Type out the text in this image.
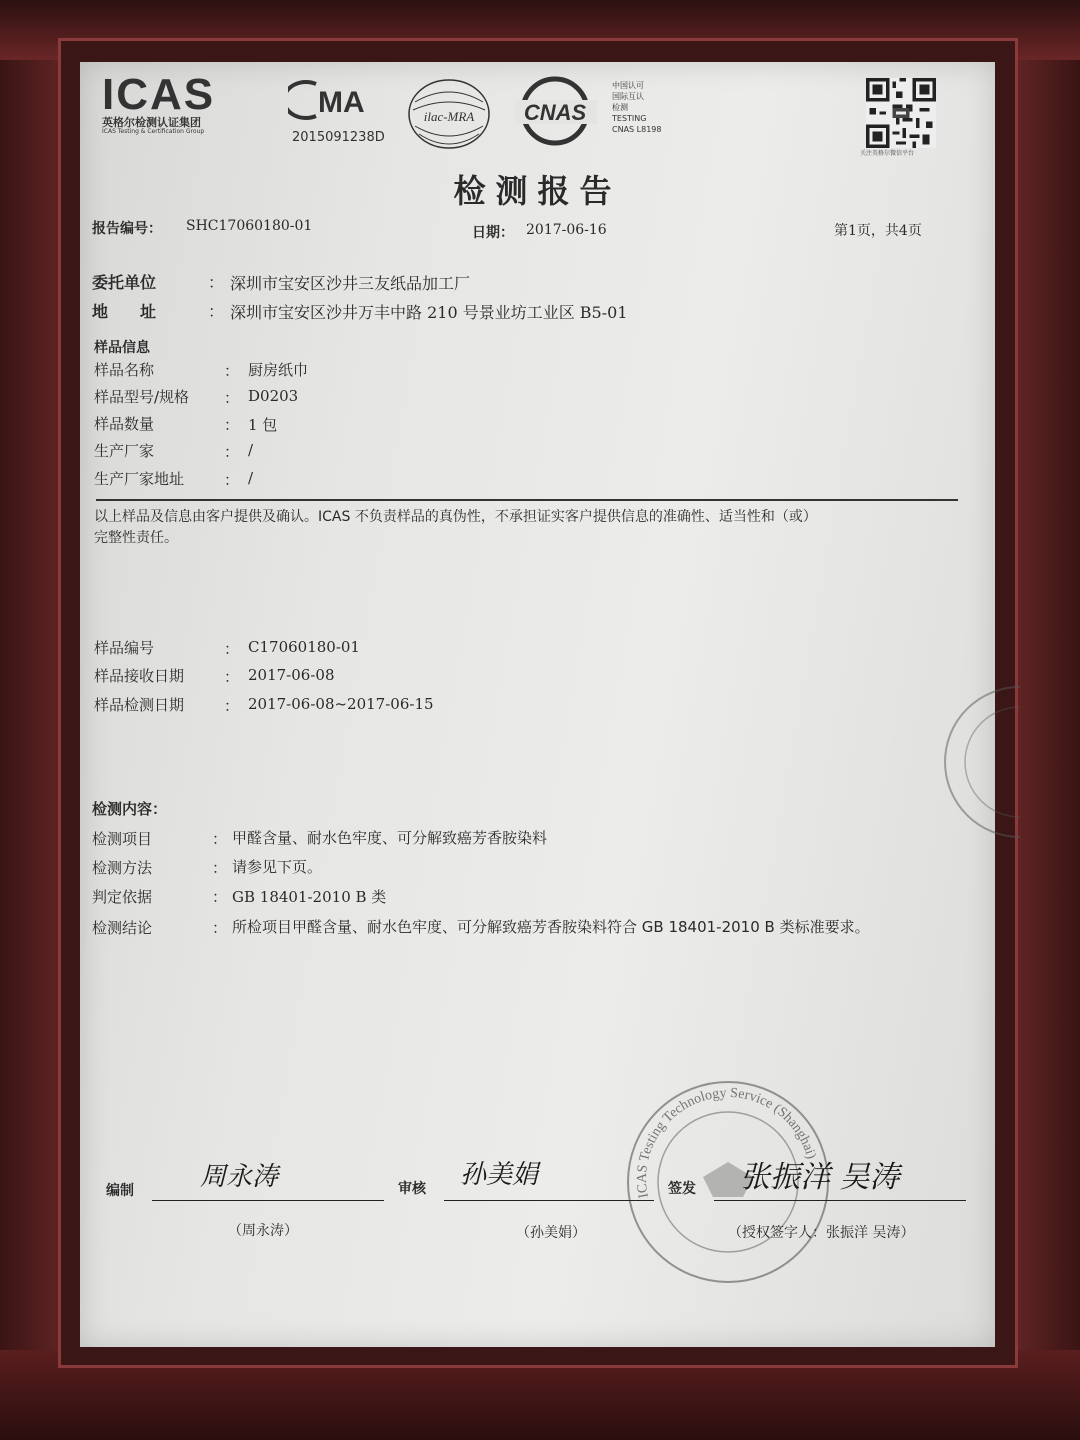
ICAS
英格尔检测认证集团
ICAS Testing & Certification Group
MA
2015091238D
ilac-MRA CNAS
中国认可
国际互认
检测
TESTING
CNAS L8198
关注英格尔微信平台
检测报告
报告编号： SHC17060180-01	日期： 2017-06-16	第1页，共4页
委托单位	： 深圳市宝安区沙井三友纸品加工厂
地　　址	： 深圳市宝安区沙井万丰中路 210 号景业坊工业区 B5-01
样品信息
样品名称	： 厨房纸巾
样品型号/规格 ： D0203
样品数量	： 1 包
生产厂家	： /
生产厂家地址	： /
以上样品及信息由客户提供及确认。ICAS 不负责样品的真伪性，不承担证实客户提供信息的准确性、适当性和（或）
完整性责任。
样品编号	： C17060180-01
样品接收日期	： 2017-06-08
样品检测日期	： 2017-06-08~2017-06-15
检测内容：
检测项目	： 甲醛含量、耐水色牢度、可分解致癌芳香胺染料
检测方法	： 请参见下页。
判定依据	： GB 18401-2010 B 类
检测结论	： 所检项目甲醛含量、耐水色牢度、可分解致癌芳香胺染料符合 GB 18401-2010 B 类标准要求。
ICAS Testing Technology Service (Shanghai)
编制	周永涛
（周永涛）
审核 孙美娟
（孙美娟）
签发 张振洋 吴涛
（授权签字人：张振洋 吴涛）
